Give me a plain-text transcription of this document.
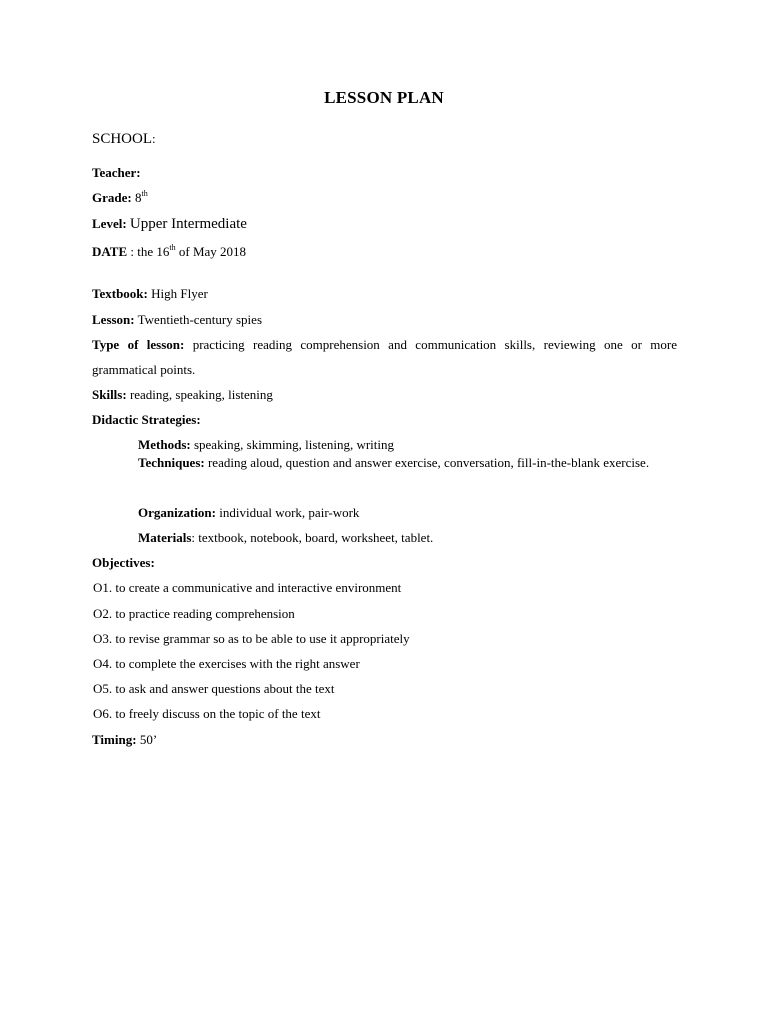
LESSON PLAN
SCHOOL:
Teacher:
Grade: 8th
Level: Upper Intermediate
DATE : the 16th of May 2018
Textbook: High Flyer
Lesson: Twentieth-century spies
Type of lesson: practicing reading comprehension and communication skills, reviewing one or more grammatical points.
Skills: reading, speaking, listening
Didactic Strategies:
Methods: speaking, skimming, listening, writing
Techniques: reading aloud, question and answer exercise, conversation, fill-in-the-blank exercise.
Organization: individual work, pair-work
Materials: textbook, notebook, board, worksheet, tablet.
Objectives:
O1. to create a communicative and interactive environment
O2. to practice reading comprehension
O3. to revise grammar so as to be able to use it appropriately
O4. to complete the exercises with the right answer
O5. to ask and answer questions about the text
O6. to freely discuss on the topic of the text
Timing: 50’
